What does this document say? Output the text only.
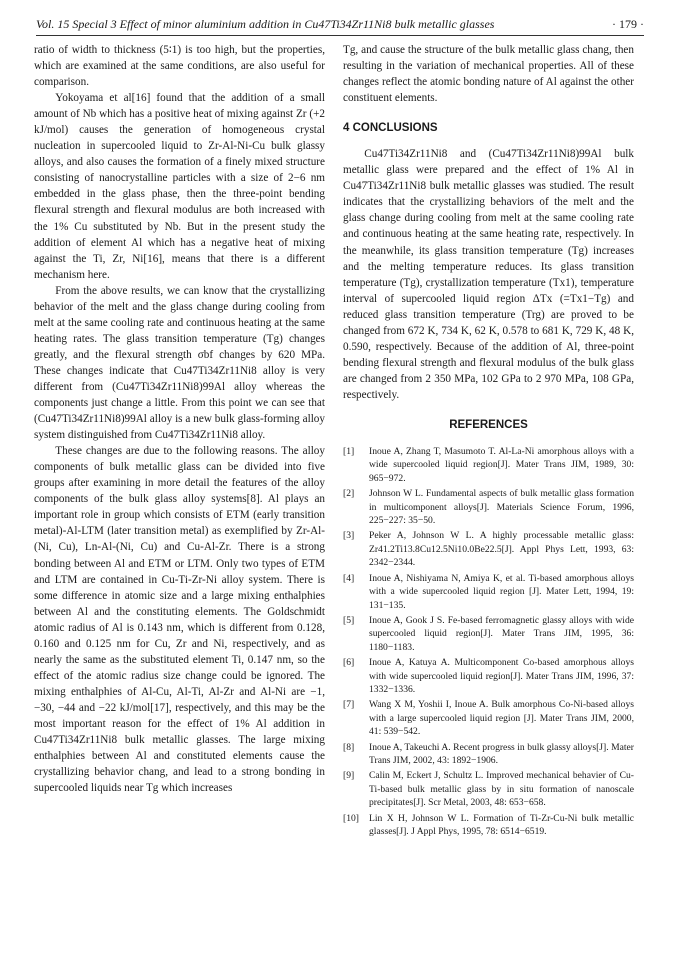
Vol. 15 Special 3 Effect of minor aluminium addition in Cu47Ti34Zr11Ni8 bulk metallic glasses	· 179 ·

ratio of width to thickness (5∶1) is too high, but the properties, which are examined at the same conditions, are also useful for comparison.

Yokoyama et al[16] found that the addition of a small amount of Nb which has a positive heat of mixing against Zr (+2 kJ/mol) causes the generation of homogeneous crystal nucleation in supercooled liquid to Zr-Al-Ni-Cu bulk glassy alloys, and also causes the formation of a finely mixed structure consisting of nanocrystalline particles with a size of 2−6 nm embedded in the glass phase, then the three-point bending flexural strength and flexural modulus are both increased with the 1% Cu substituted by Nb. But in the present study the addition of element Al which has a negative heat of mixing against the Ti, Zr, Ni[16], means that there is a different mechanism here.

From the above results, we can know that the crystallizing behavior of the melt and the glass change during cooling from melt at the same cooling rate and continuous heating at the same heating rates. The glass transition temperature (Tg) changes greatly, and the flexural strength σbf changes by 620 MPa. These changes indicate that Cu47Ti34Zr11Ni8 alloy is very different from (Cu47Ti34Zr11Ni8)99Al alloy whereas the components just change a little. From this point we can see that (Cu47Ti34Zr11Ni8)99Al alloy is a new bulk glass-forming alloy system distinguished from Cu47Ti34Zr11Ni8 alloy.

These changes are due to the following reasons. The alloy components of bulk metallic glass can be divided into five groups after examining in more detail the features of the alloy components of the bulk glass alloy systems[8]. Al plays an important role in group which consists of ETM (early transition metal)-Al-LTM (later transition metal) as exemplified by Zr-Al-(Ni, Cu), Ln-Al-(Ni, Cu) and Cu-Al-Zr. There is a strong bonding between Al and ETM or LTM. Only two types of ETM and LTM are contained in Cu-Ti-Zr-Ni alloy system. There is some difference in atomic size and a large mixing enthalphies between Al and the constituting elements. The Goldschmidt atomic radius of Al is 0.143 nm, which is different from 0.128, 0.160 and 0.125 nm for Cu, Zr and Ni, respectively, and as nearly the same as the substituted element Ti, 0.147 nm, so the effect of the atomic radius size change could be ignored. The mixing enthalphies of Al-Cu, Al-Ti, Al-Zr and Al-Ni are −1, −30, −44 and −22 kJ/mol[17], respectively, and this may be the most important reason for the effect of 1% Al addition in Cu47Ti34Zr11Ni8 bulk metallic glasses. The large mixing enthalphies between Al and constituted elements cause the crystallizing behavior chang, and lead to a strong bonding in supercooled liquids near Tg which increases

Tg, and cause the structure of the bulk metallic glass chang, then resulting in the variation of mechanical properties. All of these changes reflect the atomic bonding nature of Al against the other constituent elements.

4 CONCLUSIONS

Cu47Ti34Zr11Ni8 and (Cu47Ti34Zr11Ni8)99Al bulk metallic glass were prepared and the effect of 1% Al in Cu47Ti34Zr11Ni8 bulk metallic glasses was studied. The result indicates that the crystallizing behaviors of the melt and the glass change during cooling from melt at the same cooling rate and continuous heating at the same heating rate, respectively. In the meanwhile, its glass transition temperature (Tg) increases and the melting temperature reduces. Its glass transition temperature (Tg), crystallization temperature (Tx1), temperature interval of supercooled liquid region ΔTx (=Tx1−Tg) and reduced glass transition temperature (Trg) are proved to be changed from 672 K, 734 K, 62 K, 0.578 to 681 K, 729 K, 48 K, 0.590, respectively. Because of the addition of Al, three-point bending flexural strength and flexural modulus of the bulk glass are changed from 2 350 MPa, 102 GPa to 2 970 MPa, 108 GPa, respectively.

REFERENCES

[1]	Inoue A, Zhang T, Masumoto T. Al-La-Ni amorphous alloys with a wide supercooled liquid region[J]. Mater Trans JIM, 1989, 30: 965−972.
[2]	Johnson W L. Fundamental aspects of bulk metallic glass formation in multicomponent alloys[J]. Materials Science Forum, 1996, 225−227: 35−50.
[3]	Peker A, Johnson W L. A highly processable metallic glass: Zr41.2Ti13.8Cu12.5Ni10.0Be22.5[J]. Appl Phys Lett, 1993, 63: 2342−2344.
[4]	Inoue A, Nishiyama N, Amiya K, et al. Ti-based amorphous alloys with a wide supercooled liquid region [J]. Mater Lett, 1994, 19: 131−135.
[5]	Inoue A, Gook J S. Fe-based ferromagnetic glassy alloys with wide supercooled liquid region[J]. Mater Trans JIM, 1995, 36: 1180−1183.
[6]	Inoue A, Katuya A. Multicomponent Co-based amorphous alloys with wide supercooled liquid region[J]. Mater Trans JIM, 1996, 37: 1332−1336.
[7]	Wang X M, Yoshii I, Inoue A. Bulk amorphous Co-Ni-based alloys with a large supercooled liquid region [J]. Mater Trans JIM, 2000, 41: 539−542.
[8]	Inoue A, Takeuchi A. Recent progress in bulk glassy alloys[J]. Mater Trans JIM, 2002, 43: 1892−1906.
[9]	Calin M, Eckert J, Schultz L. Improved mechanical behavier of Cu-Ti-based bulk metallic glass by in situ formation of nanoscale precipitates[J]. Scr Metal, 2003, 48: 653−658.
[10]	Lin X H, Johnson W L. Formation of Ti-Zr-Cu-Ni bulk metallic glasses[J]. J Appl Phys, 1995, 78: 6514−6519.
